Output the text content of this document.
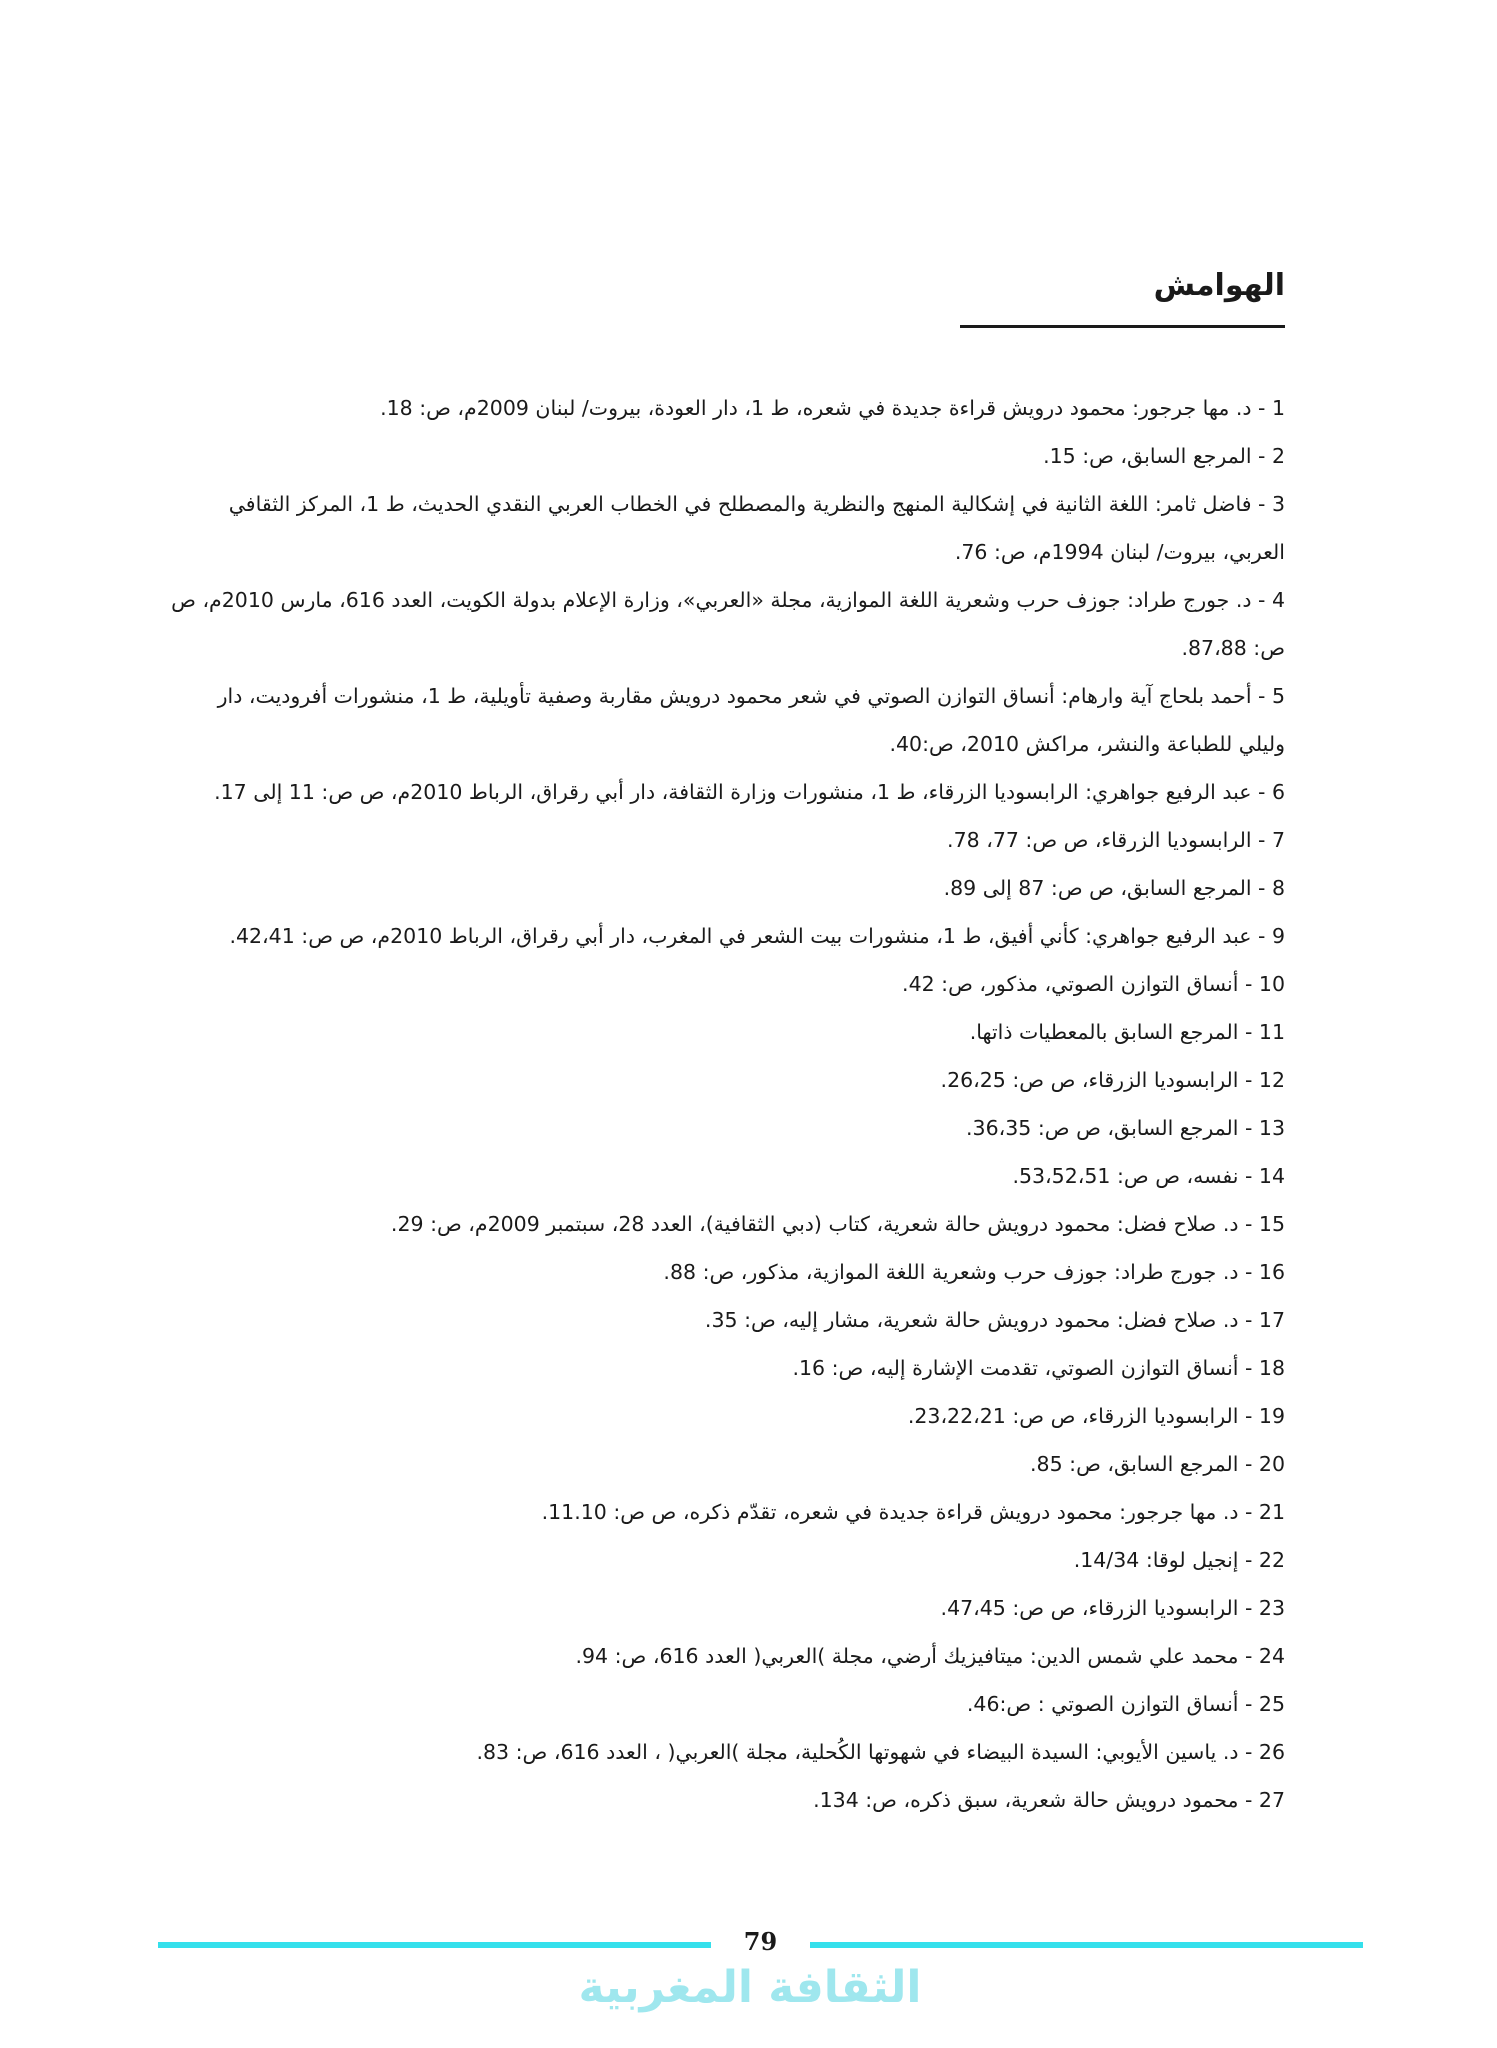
الهوامش
1 - د. مها جرجور: محمود درويش قراءة جديدة في شعره، ط 1، دار العودة، بيروت/ لبنان 2009م، ص: 18.
2 - المرجع السابق، ص: 15.
3 - فاضل ثامر: اللغة الثانية في إشكالية المنهج والنظرية والمصطلح في الخطاب العربي النقدي الحديث، ط 1، المركز الثقافي العربي، بيروت/ لبنان 1994م، ص: 76.
4 - د. جورج طراد: جوزف حرب وشعرية اللغة الموازية، مجلة «العربي»، وزارة الإعلام بدولة الكويت، العدد 616، مارس 2010م، ص ص: 87،88.
5 - أحمد بلحاج آية وارهام: أنساق التوازن الصوتي في شعر محمود درويش مقاربة وصفية تأويلية، ط 1، منشورات أفروديت، دار وليلي للطباعة والنشر، مراكش 2010، ص:40.
6 - عبد الرفيع جواهري: الرابسوديا الزرقاء، ط 1، منشورات وزارة الثقافة، دار أبي رقراق، الرباط 2010م، ص ص: 11 إلى 17.
7 - الرابسوديا الزرقاء، ص ص: 77، 78.
8 - المرجع السابق، ص ص: 87 إلى 89.
9 - عبد الرفيع جواهري: كأني أفيق، ط 1، منشورات بيت الشعر في المغرب، دار أبي رقراق، الرباط 2010م، ص ص: 42،41.
10 - أنساق التوازن الصوتي، مذكور، ص: 42.
11 - المرجع السابق بالمعطيات ذاتها.
12 - الرابسوديا الزرقاء، ص ص: 26،25.
13 - المرجع السابق، ص ص: 36،35.
14 - نفسه، ص ص: 53،52،51.
15 - د. صلاح فضل: محمود درويش حالة شعرية، كتاب (دبي الثقافية)، العدد 28، سبتمبر 2009م، ص: 29.
16 - د. جورج طراد: جوزف حرب وشعرية اللغة الموازية، مذكور، ص: 88.
17 - د. صلاح فضل: محمود درويش حالة شعرية، مشار إليه، ص: 35.
18 - أنساق التوازن الصوتي، تقدمت الإشارة إليه، ص: 16.
19 - الرابسوديا الزرقاء، ص ص: 23،22،21.
20 - المرجع السابق، ص: 85.
21 - د. مها جرجور: محمود درويش قراءة جديدة في شعره، تقدّم ذكره، ص ص: 11.10.
22 - إنجيل لوقا: 14/34.
23 - الرابسوديا الزرقاء، ص ص: 47،45.
24 - محمد علي شمس الدين: ميتافيزيك أرضي، مجلة )العربي( العدد 616، ص: 94.
25 - أنساق التوازن الصوتي : ص:46.
26 - د. ياسين الأيوبي: السيدة البيضاء في شهوتها الكُحلية، مجلة )العربي( ، العدد 616، ص: 83.
27 - محمود درويش حالة شعرية، سبق ذكره، ص: 134.
79
الثقافة المغربية
